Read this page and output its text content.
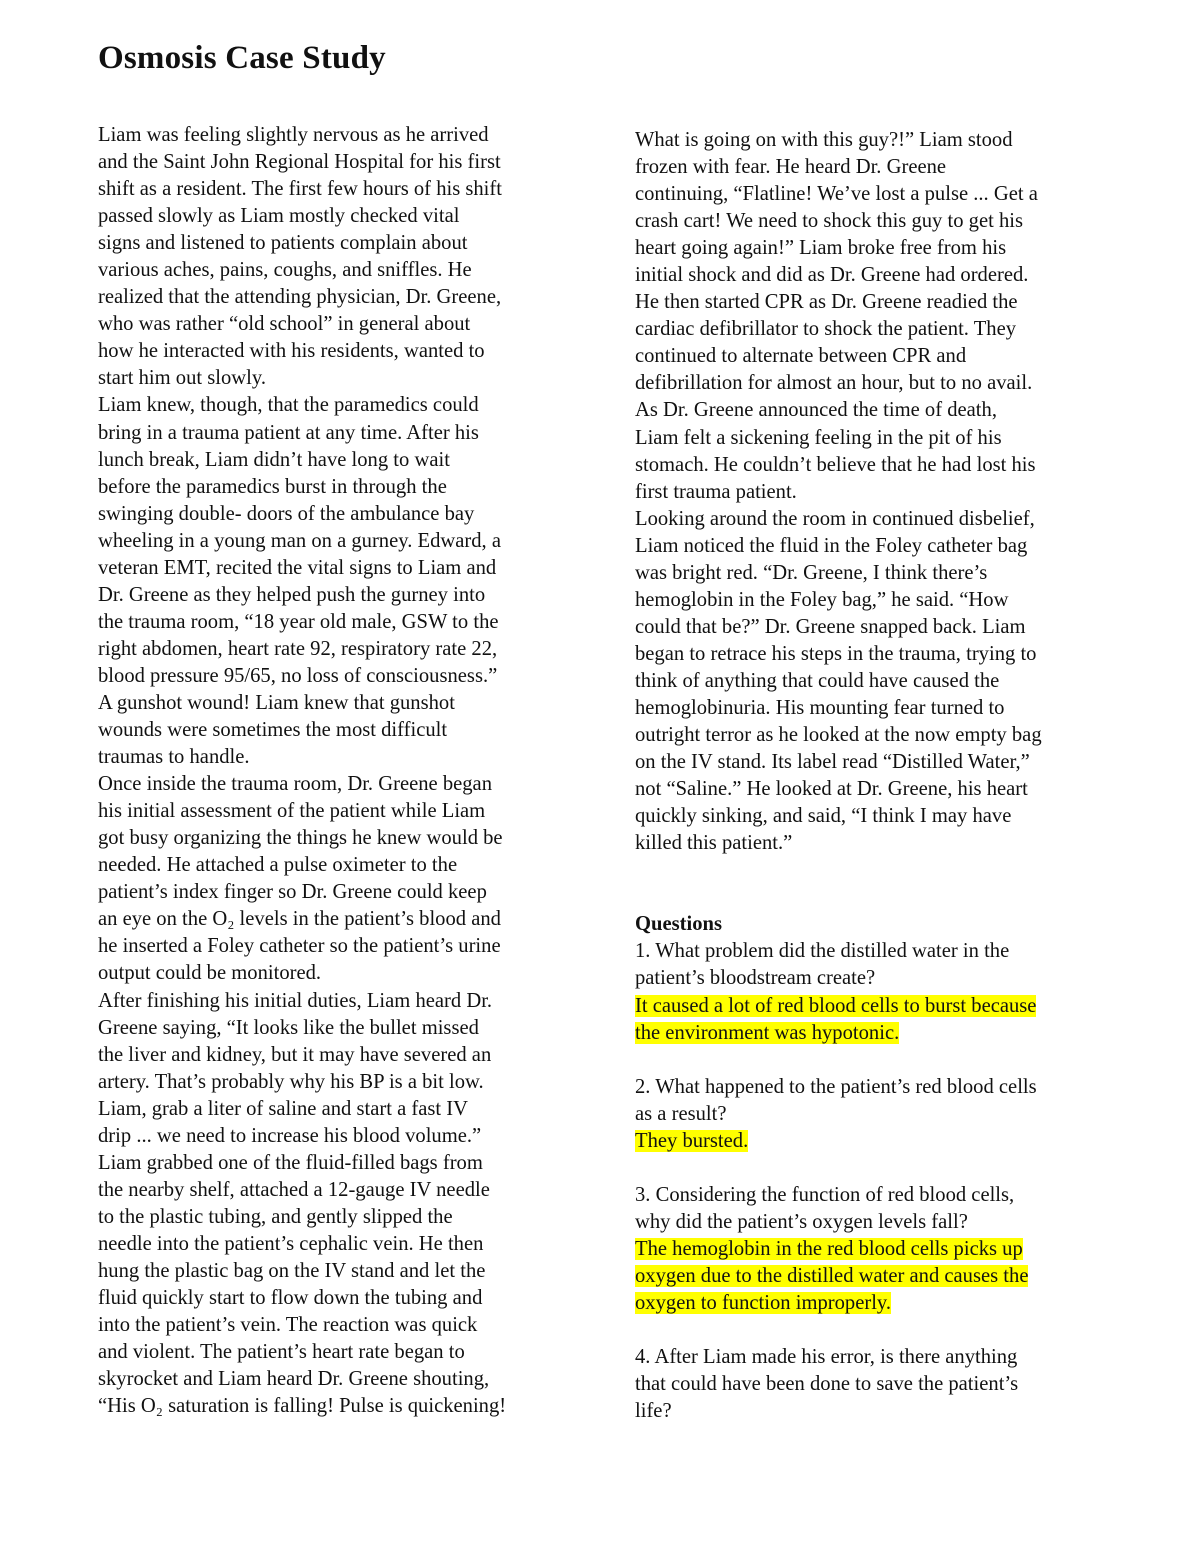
Osmosis Case Study
Liam was feeling slightly nervous as he arrived
and the Saint John Regional Hospital for his first
shift as a resident. The first few hours of his shift
passed slowly as Liam mostly checked vital
signs and listened to patients complain about
various aches, pains, coughs, and sniffles. He
realized that the attending physician, Dr. Greene,
who was rather “old school” in general about
how he interacted with his residents, wanted to
start him out slowly.
Liam knew, though, that the paramedics could
bring in a trauma patient at any time. After his
lunch break, Liam didn’t have long to wait
before the paramedics burst in through the
swinging double- doors of the ambulance bay
wheeling in a young man on a gurney. Edward, a
veteran EMT, recited the vital signs to Liam and
Dr. Greene as they helped push the gurney into
the trauma room, “18 year old male, GSW to the
right abdomen, heart rate 92, respiratory rate 22,
blood pressure 95/65, no loss of consciousness.”
A gunshot wound! Liam knew that gunshot
wounds were sometimes the most difficult
traumas to handle.
Once inside the trauma room, Dr. Greene began
his initial assessment of the patient while Liam
got busy organizing the things he knew would be
needed. He attached a pulse oximeter to the
patient’s index finger so Dr. Greene could keep
an eye on the O₂ levels in the patient’s blood and
he inserted a Foley catheter so the patient’s urine
output could be monitored.
After finishing his initial duties, Liam heard Dr.
Greene saying, “It looks like the bullet missed
the liver and kidney, but it may have severed an
artery. That’s probably why his BP is a bit low.
Liam, grab a liter of saline and start a fast IV
drip ... we need to increase his blood volume.”
Liam grabbed one of the fluid-filled bags from
the nearby shelf, attached a 12-gauge IV needle
to the plastic tubing, and gently slipped the
needle into the patient’s cephalic vein. He then
hung the plastic bag on the IV stand and let the
fluid quickly start to flow down the tubing and
into the patient’s vein. The reaction was quick
and violent. The patient’s heart rate began to
skyrocket and Liam heard Dr. Greene shouting,
“His O₂ saturation is falling! Pulse is quickening!
What is going on with this guy?!” Liam stood
frozen with fear. He heard Dr. Greene
continuing, “Flatline! We’ve lost a pulse ... Get a
crash cart! We need to shock this guy to get his
heart going again!” Liam broke free from his
initial shock and did as Dr. Greene had ordered.
He then started CPR as Dr. Greene readied the
cardiac defibrillator to shock the patient. They
continued to alternate between CPR and
defibrillation for almost an hour, but to no avail.
As Dr. Greene announced the time of death,
Liam felt a sickening feeling in the pit of his
stomach. He couldn’t believe that he had lost his
first trauma patient.
Looking around the room in continued disbelief,
Liam noticed the fluid in the Foley catheter bag
was bright red. “Dr. Greene, I think there’s
hemoglobin in the Foley bag,” he said. “How
could that be?” Dr. Greene snapped back. Liam
began to retrace his steps in the trauma, trying to
think of anything that could have caused the
hemoglobinuria. His mounting fear turned to
outright terror as he looked at the now empty bag
on the IV stand. Its label read “Distilled Water,”
not “Saline.” He looked at Dr. Greene, his heart
quickly sinking, and said, “I think I may have
killed this patient.”
Questions
1. What problem did the distilled water in the
patient’s bloodstream create?
It caused a lot of red blood cells to burst because
the environment was hypotonic.
2. What happened to the patient’s red blood cells
as a result?
They bursted.
3. Considering the function of red blood cells,
why did the patient’s oxygen levels fall?
The hemoglobin in the red blood cells picks up
oxygen due to the distilled water and causes the
oxygen to function improperly.
4. After Liam made his error, is there anything
that could have been done to save the patient’s
life?
